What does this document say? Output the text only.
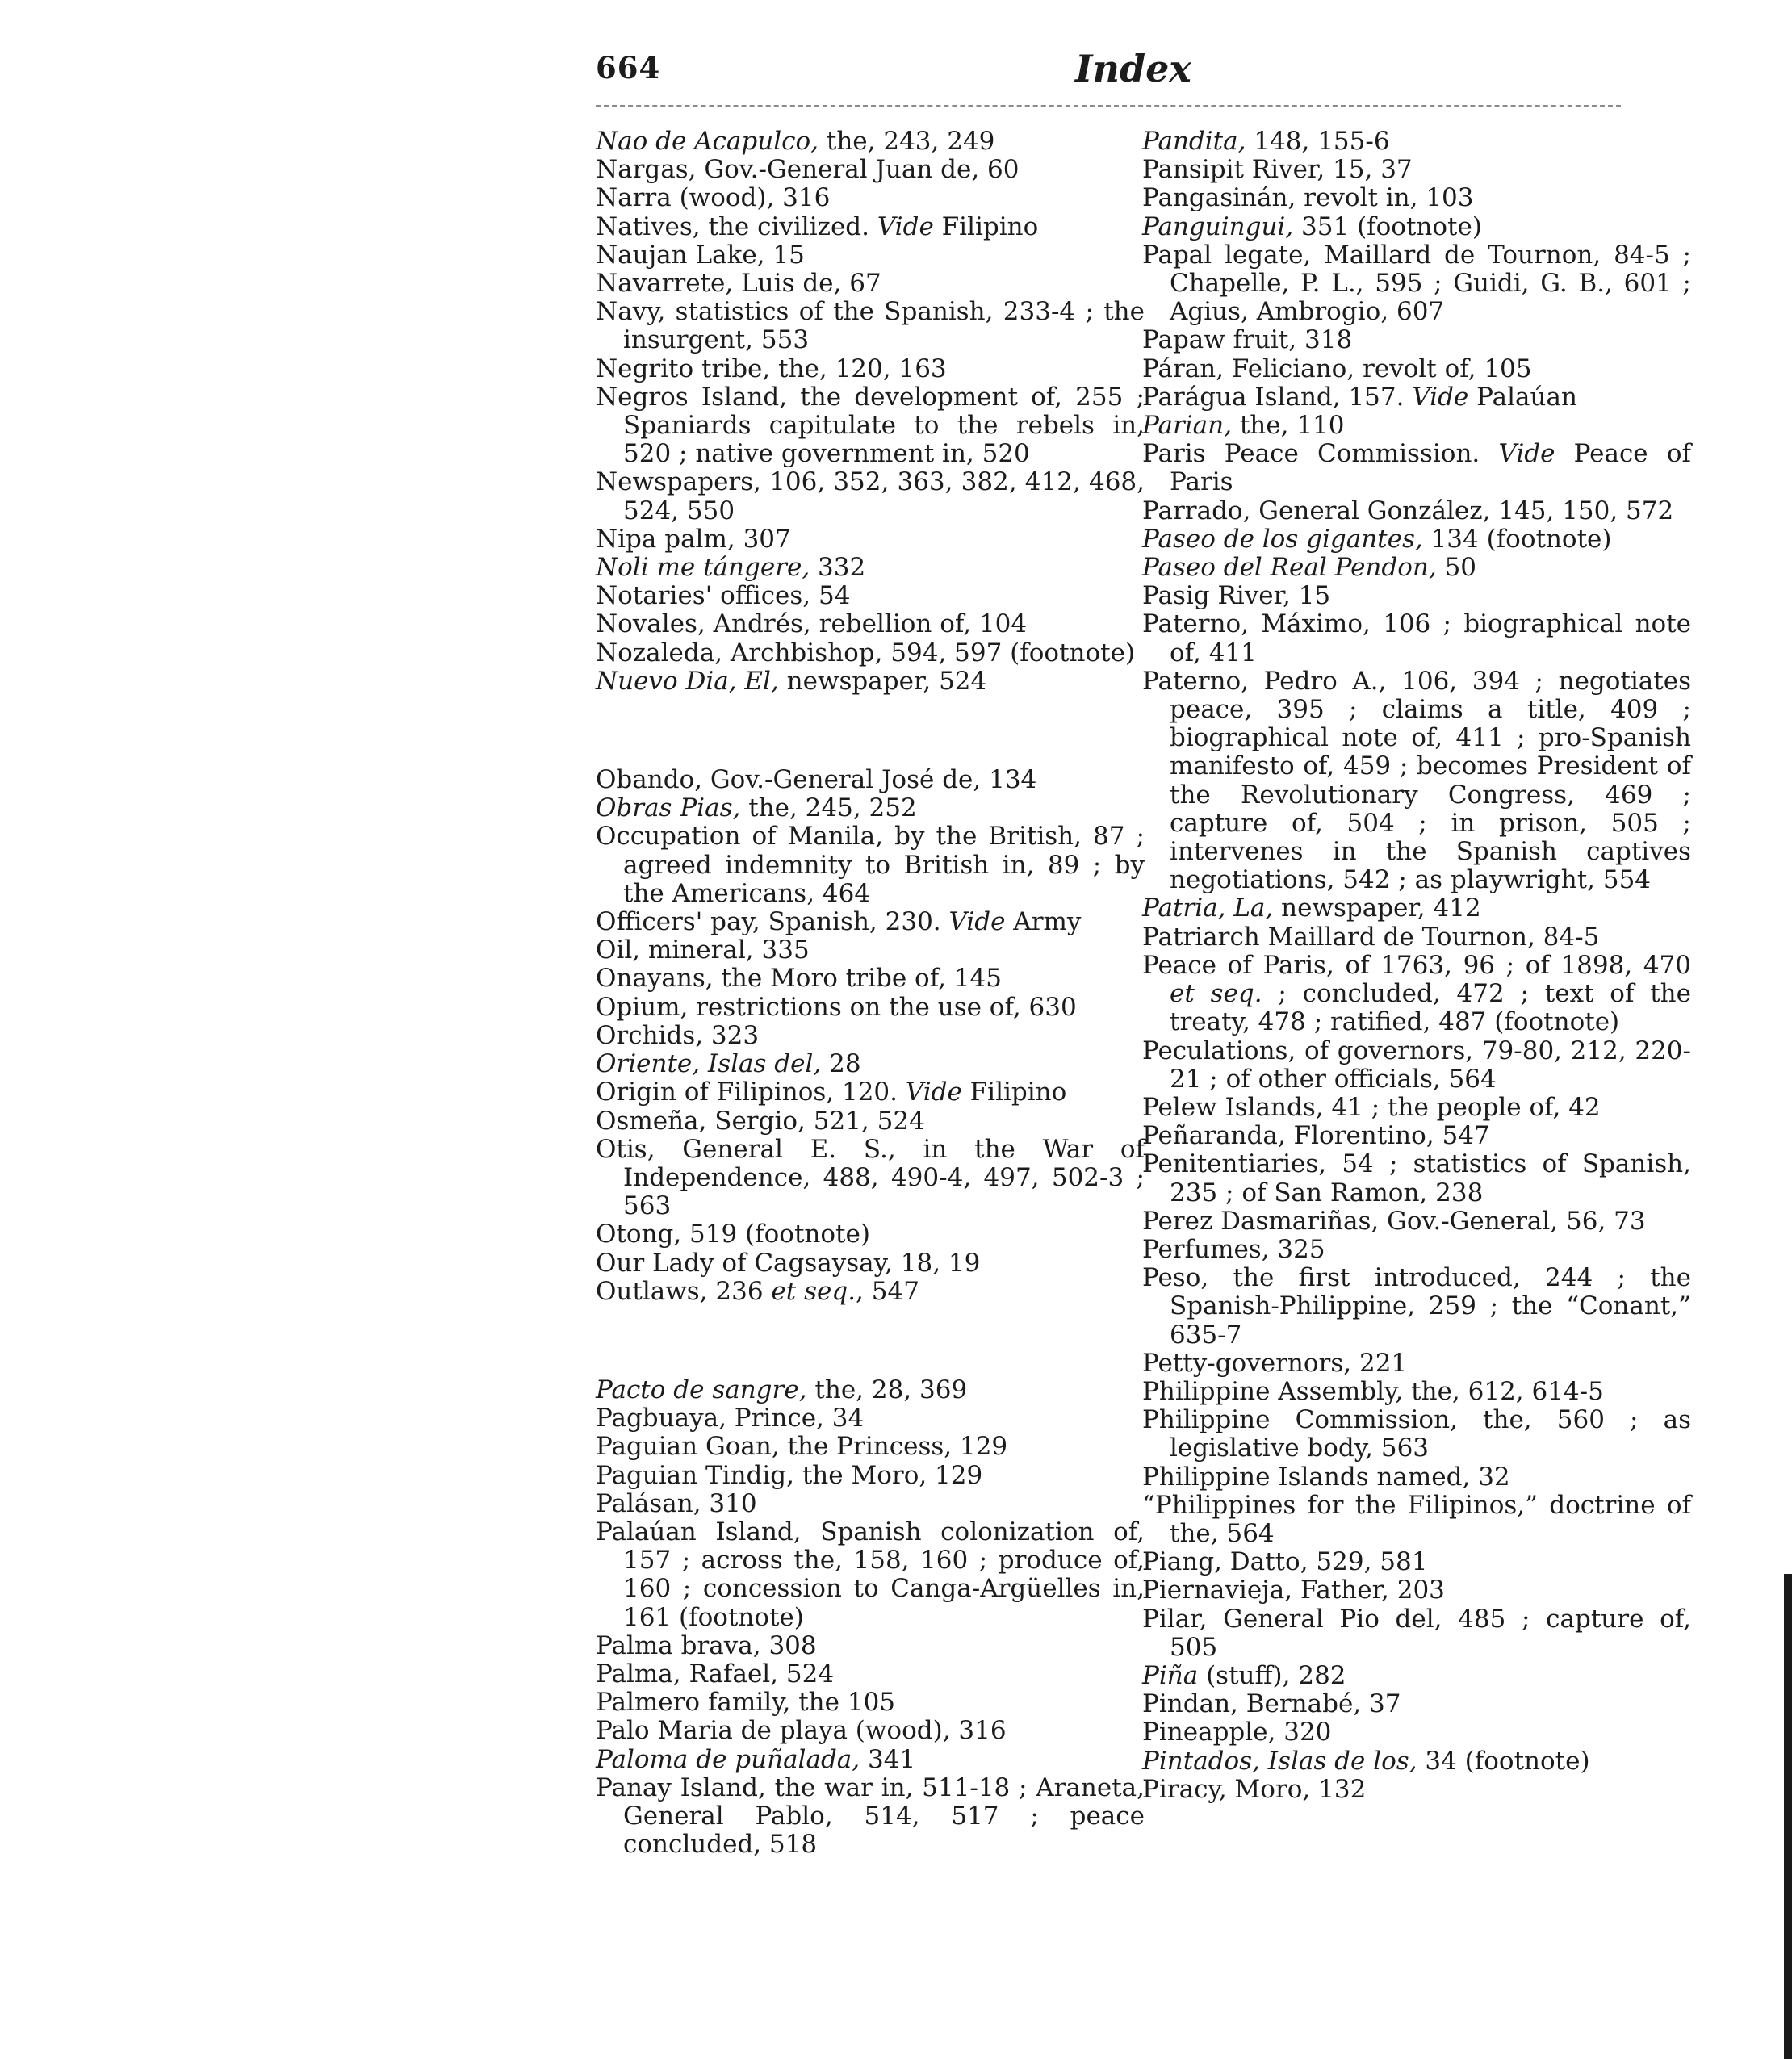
664	Index

Nao de Acapulco, the, 243, 249

Nargas, Gov.-General Juan de, 60

Narra (wood), 316

Natives, the civilized. Vide Filipino

Naujan Lake, 15

Navarrete, Luis de, 67

Navy, statistics of the Spanish, 233-4 ; the insurgent, 553

Negrito tribe, the, 120, 163

Negros Island, the development of, 255 ; Spaniards capitulate to the rebels in, 520 ; native government in, 520

Newspapers, 106, 352, 363, 382, 412, 468, 524, 550

Nipa palm, 307

Noli me tángere, 332

Notaries' offices, 54

Novales, Andrés, rebellion of, 104

Nozaleda, Archbishop, 594, 597 (footnote)

Nuevo Dia, El, newspaper, 524

Obando, Gov.-General José de, 134

Obras Pias, the, 245, 252

Occupation of Manila, by the British, 87 ; agreed indemnity to British in, 89 ; by the Americans, 464

Officers' pay, Spanish, 230. Vide Army

Oil, mineral, 335

Onayans, the Moro tribe of, 145

Opium, restrictions on the use of, 630

Orchids, 323

Oriente, Islas del, 28

Origin of Filipinos, 120. Vide Filipino

Osmeña, Sergio, 521, 524

Otis, General E. S., in the War of Independence, 488, 490-4, 497, 502-3 ; 563

Otong, 519 (footnote)

Our Lady of Cagsaysay, 18, 19

Outlaws, 236 et seq., 547

Pacto de sangre, the, 28, 369

Pagbuaya, Prince, 34

Paguian Goan, the Princess, 129

Paguian Tindig, the Moro, 129

Palásan, 310

Palaúan Island, Spanish colonization of, 157 ; across the, 158, 160 ; produce of, 160 ; concession to Canga-Argüelles in, 161 (footnote)

Palma brava, 308

Palma, Rafael, 524

Palmero family, the 105

Palo Maria de playa (wood), 316

Paloma de puñalada, 341

Panay Island, the war in, 511-18 ; Araneta, General Pablo, 514, 517 ; peace concluded, 518

Pandita, 148, 155-6

Pansipit River, 15, 37

Pangasinán, revolt in, 103

Panguingui, 351 (footnote)

Papal legate, Maillard de Tournon, 84-5 ; Chapelle, P. L., 595 ; Guidi, G. B., 601 ; Agius, Ambrogio, 607

Papaw fruit, 318

Páran, Feliciano, revolt of, 105

Parágua Island, 157. Vide Palaúan

Parian, the, 110

Paris Peace Commission. Vide Peace of Paris

Parrado, General González, 145, 150, 572

Paseo de los gigantes, 134 (footnote)

Paseo del Real Pendon, 50

Pasig River, 15

Paterno, Máximo, 106 ; biographical note of, 411

Paterno, Pedro A., 106, 394 ; negotiates peace, 395 ; claims a title, 409 ; biographical note of, 411 ; pro-Spanish manifesto of, 459 ; becomes President of the Revolutionary Congress, 469 ; capture of, 504 ; in prison, 505 ; intervenes in the Spanish captives negotiations, 542 ; as playwright, 554

Patria, La, newspaper, 412

Patriarch Maillard de Tournon, 84-5

Peace of Paris, of 1763, 96 ; of 1898, 470 et seq. ; concluded, 472 ; text of the treaty, 478 ; ratified, 487 (footnote)

Peculations, of governors, 79-80, 212, 220-21 ; of other officials, 564

Pelew Islands, 41 ; the people of, 42

Peñaranda, Florentino, 547

Penitentiaries, 54 ; statistics of Spanish, 235 ; of San Ramon, 238

Perez Dasmariñas, Gov.-General, 56, 73

Perfumes, 325

Peso, the first introduced, 244 ; the Spanish-Philippine, 259 ; the “Conant,” 635-7

Petty-governors, 221

Philippine Assembly, the, 612, 614-5

Philippine Commission, the, 560 ; as legislative body, 563

Philippine Islands named, 32

“Philippines for the Filipinos,” doctrine of the, 564

Piang, Datto, 529, 581

Piernavieja, Father, 203

Pilar, General Pio del, 485 ; capture of, 505

Piña (stuff), 282

Pindan, Bernabé, 37

Pineapple, 320

Pintados, Islas de los, 34 (footnote)

Piracy, Moro, 132
